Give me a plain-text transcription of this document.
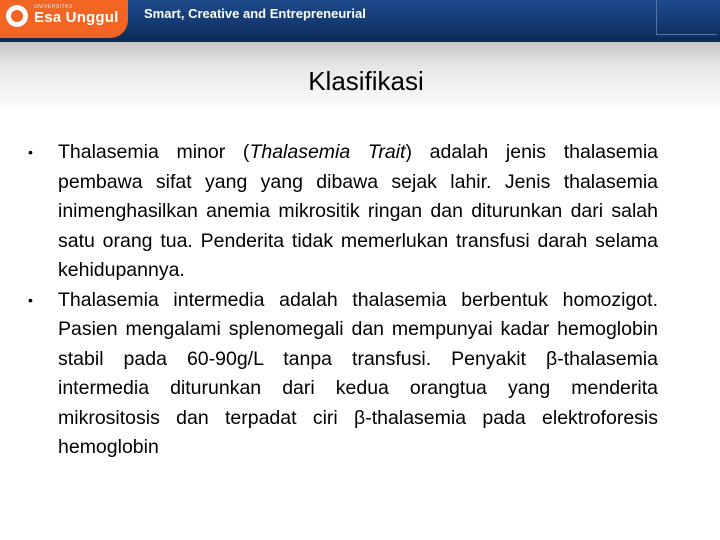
UNIVERSITAS
Esa Unggul Smart, Creative and Entrepreneurial
Klasifikasi
•	Thalasemia minor (Thalasemia Trait) adalah jenis thalasemia pembawa sifat yang yang dibawa sejak lahir. Jenis thalasemia inimenghasilkan anemia mikrositik ringan dan diturunkan dari salah satu orang tua. Penderita tidak memerlukan transfusi darah selama kehidupannya.
•	Thalasemia intermedia adalah thalasemia berbentuk homozigot. Pasien mengalami splenomegali dan mempunyai kadar hemoglobin stabil pada 60-90g/L tanpa transfusi. Penyakit β-thalasemia intermedia diturunkan dari kedua orangtua yang menderita mikrositosis dan terpadat ciri β-thalasemia pada elektroforesis hemoglobin
